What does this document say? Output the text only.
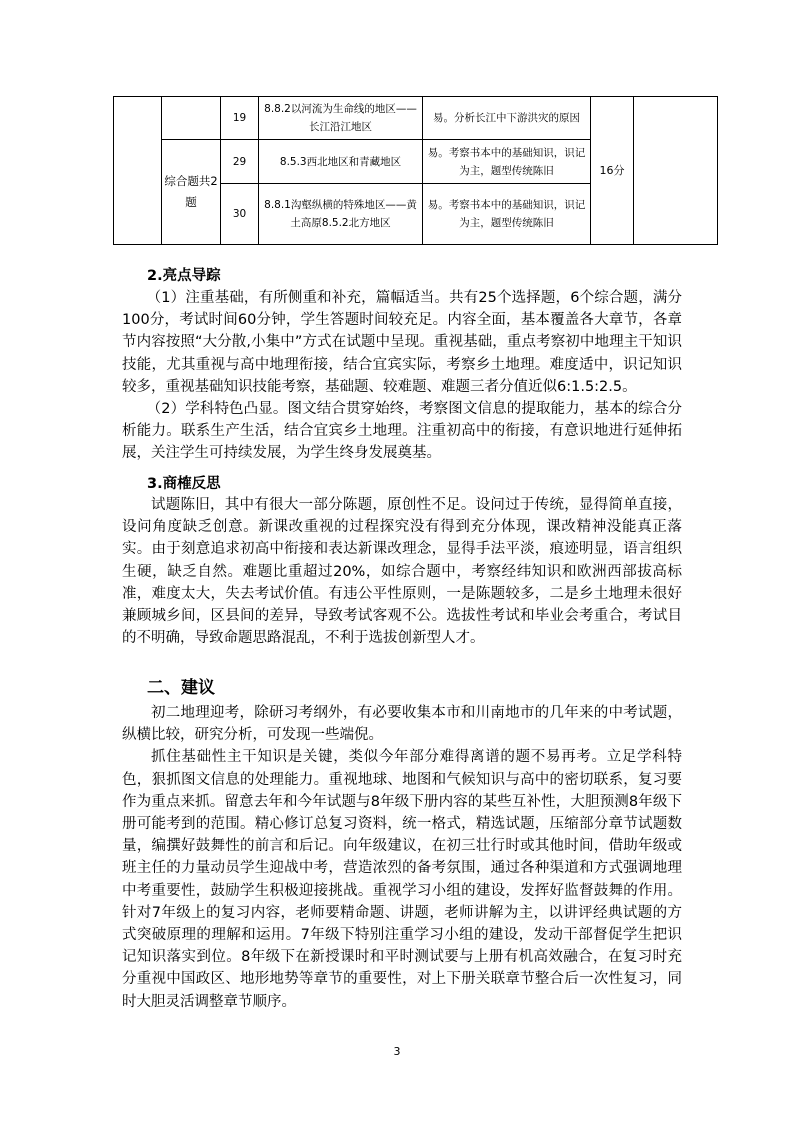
		19	8.8.2以河流为生命线的地区——长江沿江地区	易。分析长江中下游洪灾的原因	16分	
	综合题共2题	29	8.5.3西北地区和青藏地区	易。考察书本中的基础知识，识记为主，题型传统陈旧		
		30	8.8.1沟壑纵横的特殊地区——黄土高原8.5.2北方地区	易。考察书本中的基础知识，识记为主，题型传统陈旧		
2.亮点导踪

（1）注重基础，有所侧重和补充，篇幅适当。共有25个选择题，6个综合题，满分100分，考试时间60分钟，学生答题时间较充足。内容全面，基本覆盖各大章节，各章节内容按照“大分散,小集中”方式在试题中呈现。重视基础，重点考察初中地理主干知识技能，尤其重视与高中地理衔接，结合宜宾实际，考察乡土地理。难度适中，识记知识较多，重视基础知识技能考察，基础题、较难题、难题三者分值近似6:1.5:2.5。

（2）学科特色凸显。图文结合贯穿始终，考察图文信息的提取能力，基本的综合分析能力。联系生产生活，结合宜宾乡土地理。注重初高中的衔接，有意识地进行延伸拓展，关注学生可持续发展，为学生终身发展奠基。

3.商榷反思

试题陈旧，其中有很大一部分陈题，原创性不足。设问过于传统，显得简单直接，设问角度缺乏创意。新课改重视的过程探究没有得到充分体现，课改精神没能真正落实。由于刻意追求初高中衔接和表达新课改理念，显得手法平淡，痕迹明显，语言组织生硬，缺乏自然。难题比重超过20%，如综合题中，考察经纬知识和欧洲西部拔高标准，难度太大，失去考试价值。有违公平性原则，一是陈题较多，二是乡土地理未很好兼顾城乡间，区县间的差异，导致考试客观不公。选拔性考试和毕业会考重合，考试目的不明确，导致命题思路混乱，不利于选拔创新型人才。

二、建议

初二地理迎考，除研习考纲外，有必要收集本市和川南地市的几年来的中考试题，纵横比较，研究分析，可发现一些端倪。

抓住基础性主干知识是关键，类似今年部分难得离谱的题不易再考。立足学科特色，狠抓图文信息的处理能力。重视地球、地图和气候知识与高中的密切联系，复习要作为重点来抓。留意去年和今年试题与8年级下册内容的某些互补性，大胆预测8年级下册可能考到的范围。精心修订总复习资料，统一格式，精选试题，压缩部分章节试题数量，编撰好鼓舞性的前言和后记。向年级建议，在初三壮行时或其他时间，借助年级或班主任的力量动员学生迎战中考，营造浓烈的备考氛围，通过各种渠道和方式强调地理中考重要性，鼓励学生积极迎接挑战。重视学习小组的建设，发挥好监督鼓舞的作用。针对7年级上的复习内容，老师要精命题、讲题，老师讲解为主，以讲评经典试题的方式突破原理的理解和运用。7年级下特别注重学习小组的建设，发动干部督促学生把识记知识落实到位。8年级下在新授课时和平时测试要与上册有机高效融合，在复习时充分重视中国政区、地形地势等章节的重要性，对上下册关联章节整合后一次性复习，同时大胆灵活调整章节顺序。

3
